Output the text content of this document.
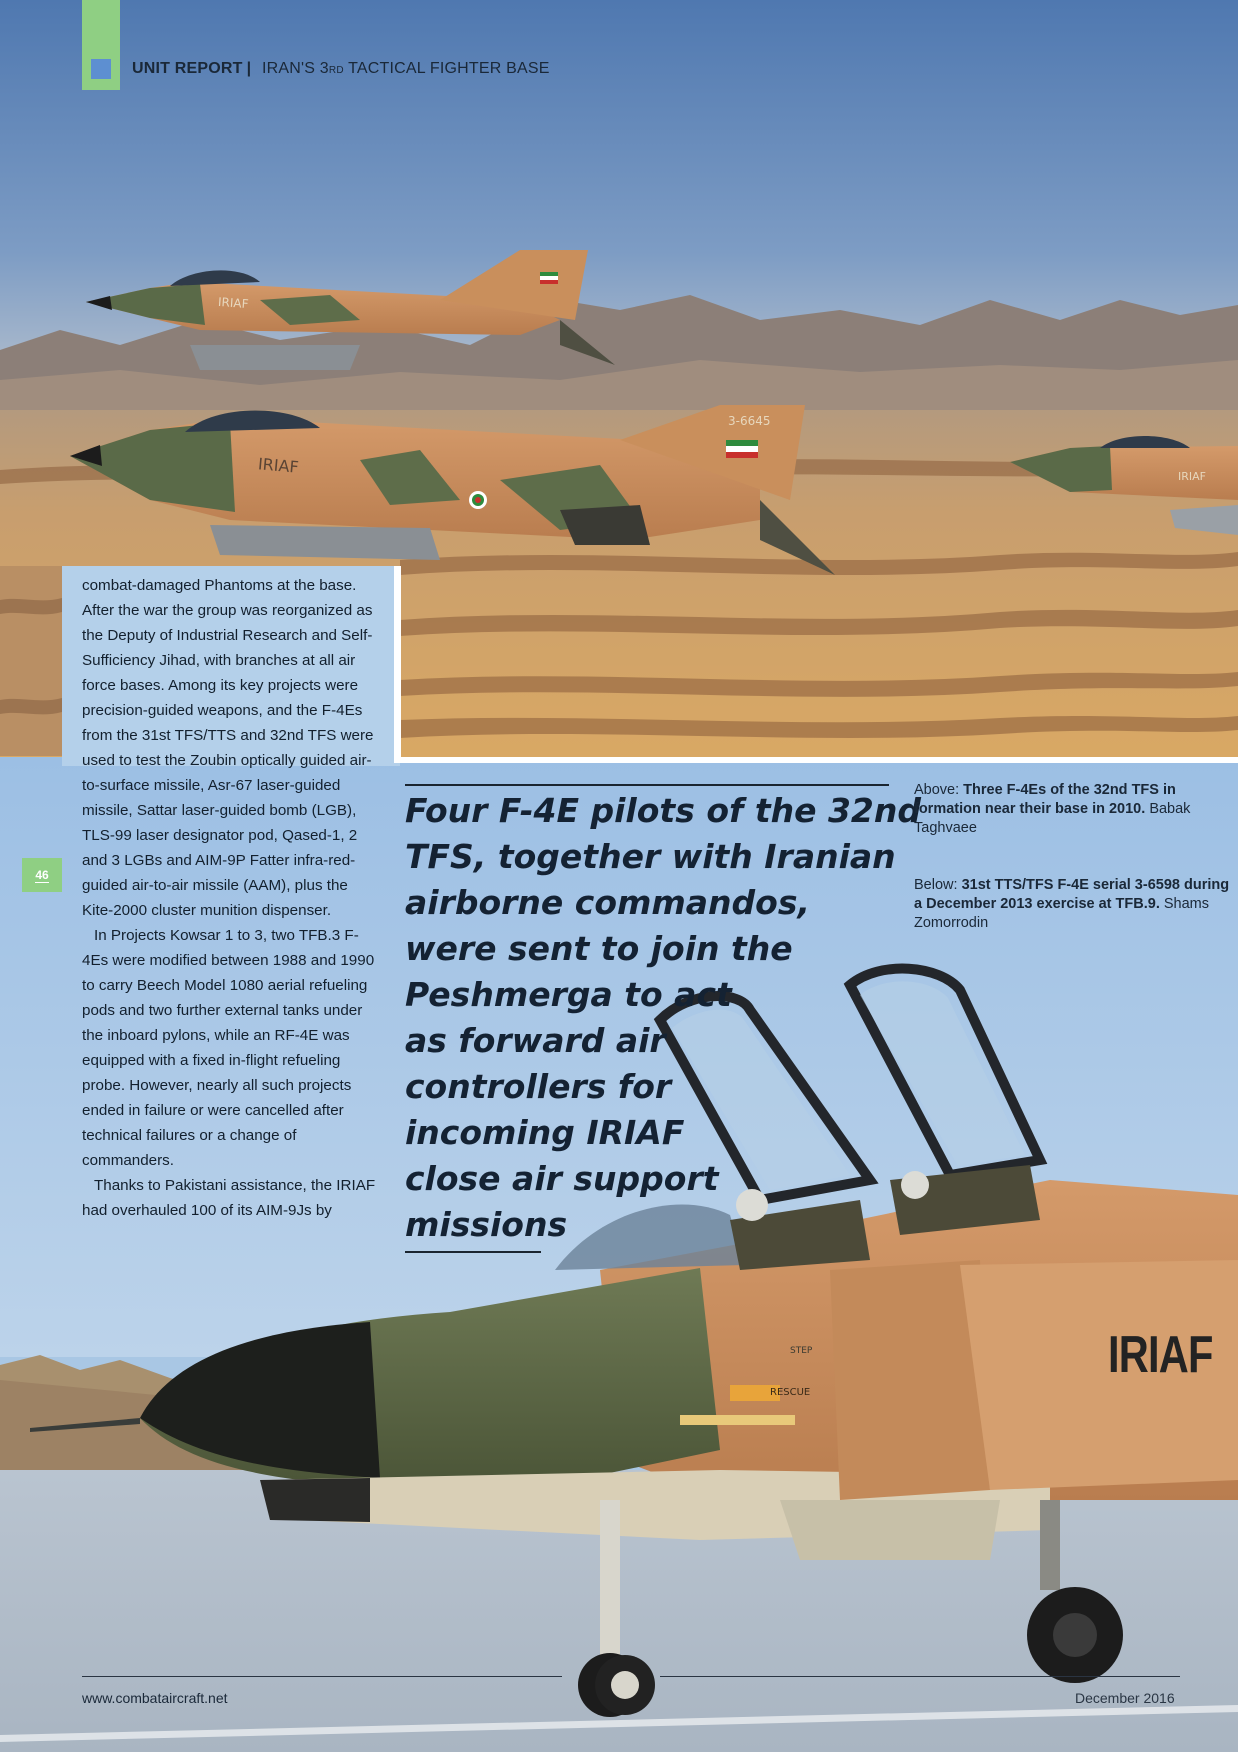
IRIAF
IRIAF
3-6645
IRIAF
IRIAF
RESCUE
STEP
UNIT REPORT | IRAN'S 3RD TACTICAL FIGHTER BASE

combat-damaged Phantoms at the base. After the war the group was reorganized as the Deputy of Industrial Research and Self-Sufficiency Jihad, with branches at all air force bases. Among its key projects were precision-guided weapons, and the F-4Es from the 31st TFS/TTS and 32nd TFS were used to test the Zoubin optically guided air-to-surface missile, Asr-67 laser-guided missile, Sattar laser-guided bomb (LGB), TLS-99 laser designator pod, Qased-1, 2 and 3 LGBs and AIM-9P Fatter infra-red-guided air-to-air missile (AAM), plus the Kite-2000 cluster munition dispenser.

In Projects Kowsar 1 to 3, two TFB.3 F-4Es were modified between 1988 and 1990 to carry Beech Model 1080 aerial refueling pods and two further external tanks under the inboard pylons, while an RF-4E was equipped with a fixed in-flight refueling probe. However, nearly all such projects ended in failure or were cancelled after technical failures or a change of commanders.

Thanks to Pakistani assistance, the IRIAF had overhauled 100 of its AIM-9Js by

46
Four F-4E pilots of the 32nd
TFS, together with Iranian
airborne commandos,
were sent to join the
Peshmerga to act
as forward air
controllers for
incoming IRIAF
close air support
missions
Above: Three F-4Es of the 32nd TFS in formation near their base in 2010. Babak Taghvaee
Below: 31st TTS/TFS F-4E serial 3-6598 during a December 2013 exercise at TFB.9. Shams Zomorrodin
www.combataircraft.net	December 2016
